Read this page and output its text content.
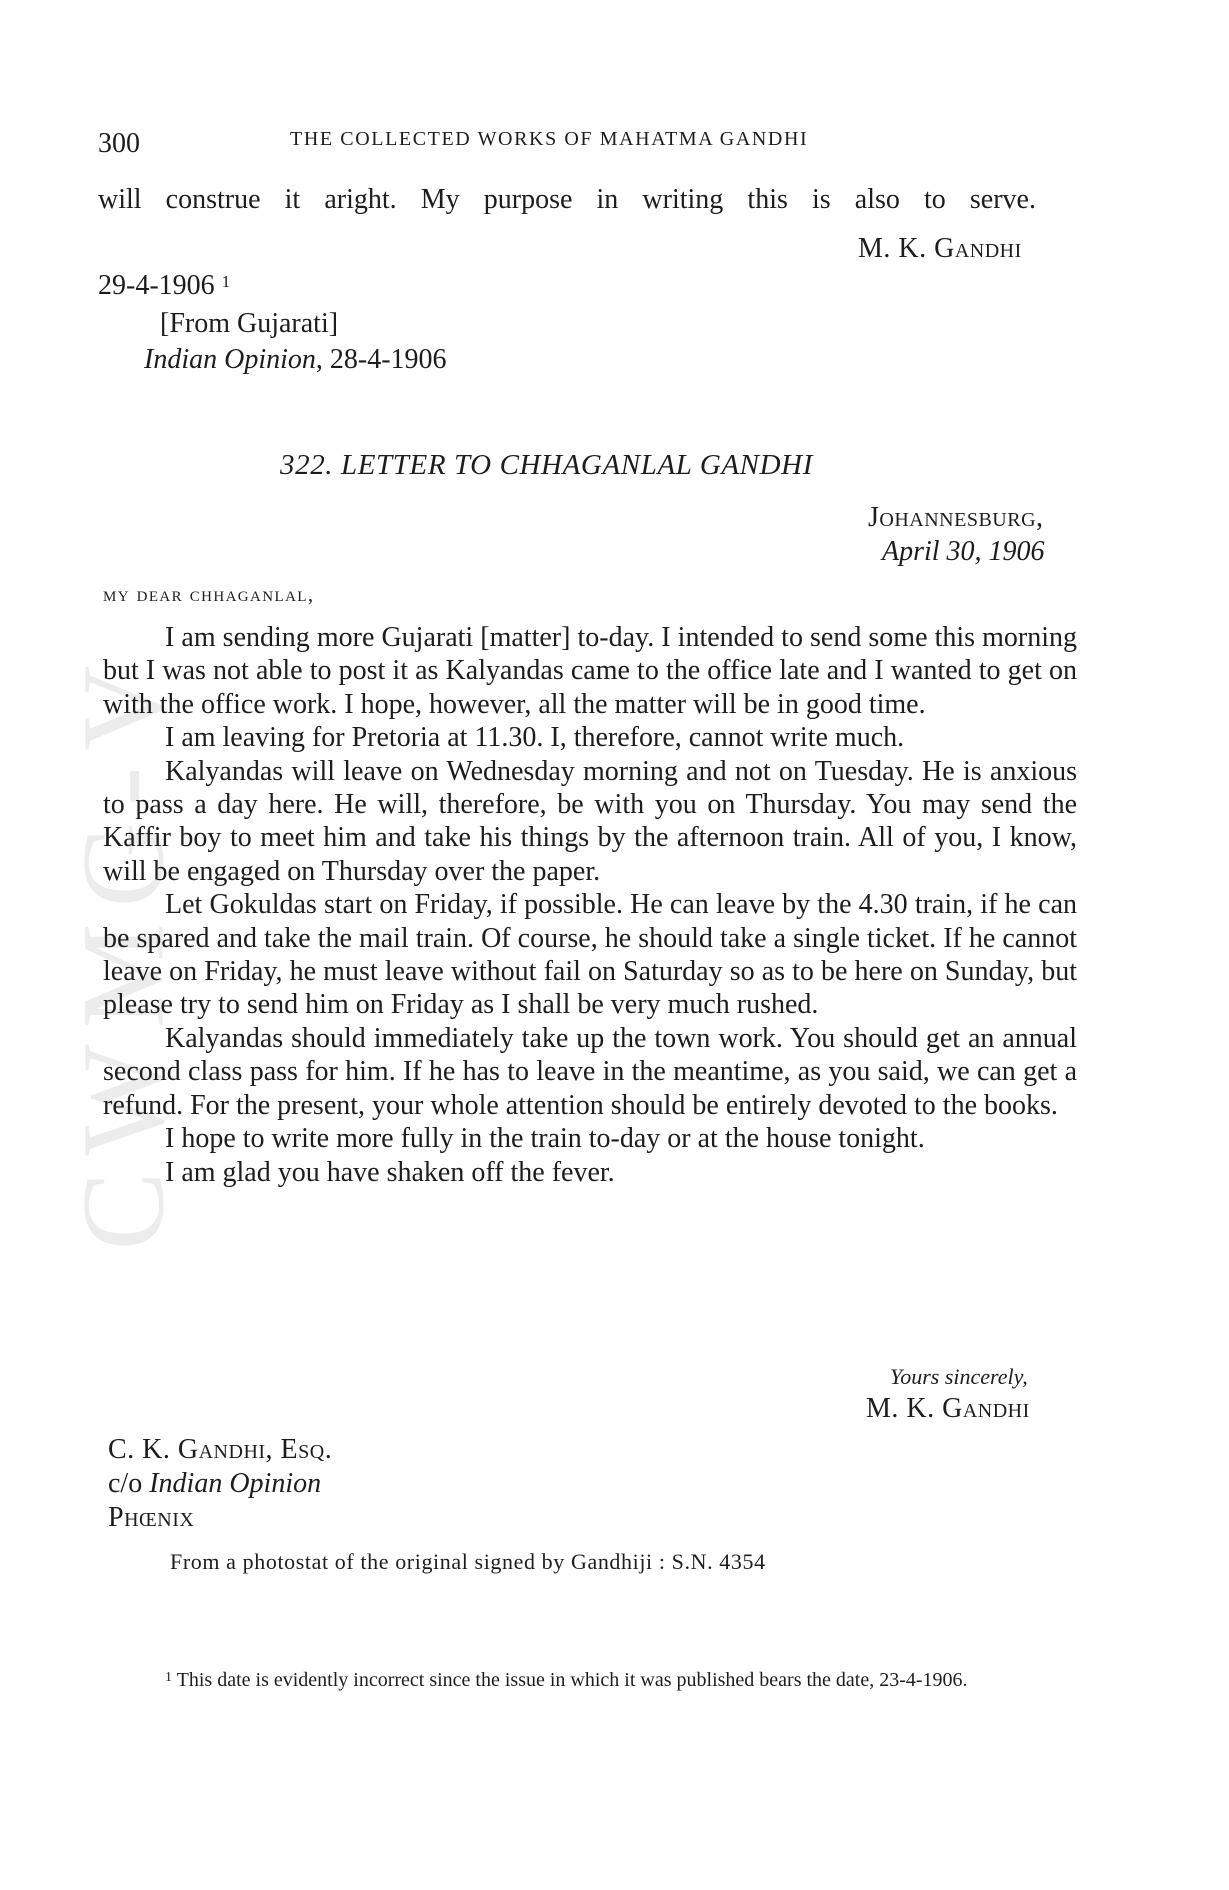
CWMG-V
300	THE COLLECTED WORKS OF MAHATMA GANDHI
will construe it aright. My purpose in writing this is also to serve.
M. K. Gandhi
29-4-1906 $^1$
[From Gujarati]
Indian Opinion, 28-4-1906
322. LETTER TO CHHAGANLAL GANDHI
Johannesburg,
April 30, 1906
my dear chhaganlal,

I am sending more Gujarati [matter] to-day. I intended to send some this morning but I was not able to post it as Kalyandas came to the office late and I wanted to get on with the office work. I hope, however, all the matter will be in good time.

I am leaving for Pretoria at 11.30. I, therefore, cannot write much.

Kalyandas will leave on Wednesday morning and not on Tuesday. He is anxious to pass a day here. He will, therefore, be with you on Thursday. You may send the Kaffir boy to meet him and take his things by the afternoon train. All of you, I know, will be engaged on Thursday over the paper.

Let Gokuldas start on Friday, if possible. He can leave by the 4.30 train, if he can be spared and take the mail train. Of course, he should take a single ticket. If he cannot leave on Friday, he must leave without fail on Saturday so as to be here on Sunday, but please try to send him on Friday as I shall be very much rushed.

Kalyandas should immediately take up the town work. You should get an annual second class pass for him. If he has to leave in the meantime, as you said, we can get a refund. For the present, your whole attention should be entirely devoted to the books.

I hope to write more fully in the train to-day or at the house tonight.

I am glad you have shaken off the fever.

Yours sincerely,
M. K. Gandhi
C. K. Gandhi, Esq.
c/o Indian Opinion
Phœnix
From a photostat of the original signed by Gandhiji : S.N. 4354
$^1$ This date is evidently incorrect since the issue in which it was published bears the date, 23-4-1906.
